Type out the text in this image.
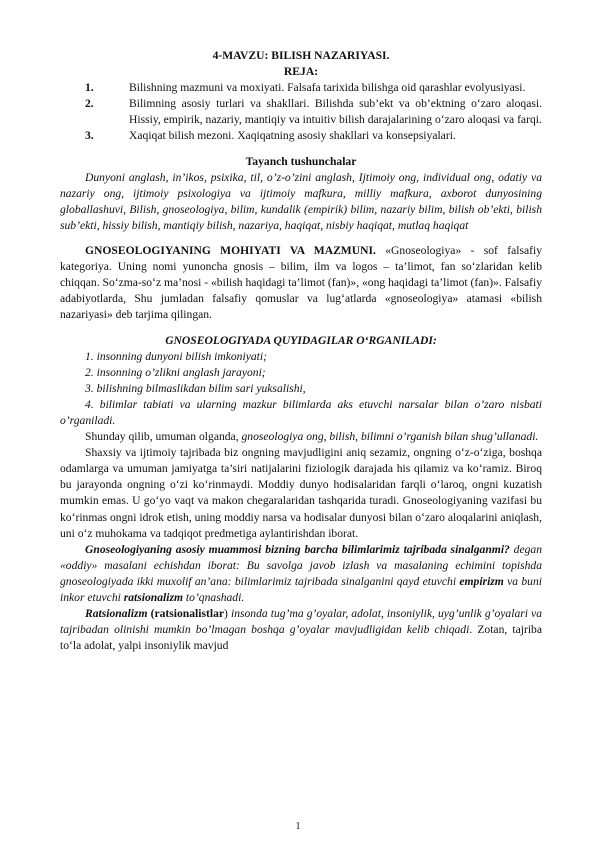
4-MAVZU: BILISH NAZARIYASI.
REJA:
1.	Bilishning mazmuni va moxiyati. Falsafa tarixida bilishga oid qarashlar evolyusiyasi.
2.	Bilimning asosiy turlari va shakllari. Bilishda sub’ekt va ob’ektning o‘zaro aloqasi. Hissiy, empirik, nazariy, mantiqiy va intuitiv bilish darajalarining o‘zaro aloqasi va farqi.
3.	Xaqiqat bilish mezoni. Xaqiqatning asosiy shakllari va konsepsiyalari.
Tayanch tushunchalar
Dunyoni anglash, in’ikos, psixika, til, o’z-o’zini anglash, Ijtimoiy ong, individual ong, odatiy va nazariy ong, ijtimoiy psixologiya va ijtimoiy mafkura, milliy mafkura, axborot dunyosining globallashuvi, Bilish, gnoseologiya, bilim, kundalik (empirik) bilim, nazariy bilim, bilish ob’ekti, bilish sub’ekti, hissiy bilish, mantiqiy bilish, nazariya, haqiqat, nisbiy haqiqat, mutlaq haqiqat
GNOSEOLOGIYANING MOHIYATI VA MAZMUNI. «Gnoseologiya» - sof falsafiy kategoriya. Uning nomi yunoncha gnosis – bilim, ilm va logos – ta’limot, fan so‘zlaridan kelib chiqqan. So‘zma-so‘z ma’nosi - «bilish haqidagi ta’limot (fan)», «ong haqidagi ta’limot (fan)». Falsafiy adabiyotlarda, Shu jumladan falsafiy qomuslar va lug‘atlarda «gnoseologiya» atamasi «bilish nazariyasi» deb tarjima qilingan.
GNOSEOLOGIYADA QUYIDAGILAR O‘RGANILADI:
1. insonning dunyoni bilish imkoniyati;
2. insonning o’zlikni anglash jarayoni;
3. bilishning bilmaslikdan bilim sari yuksalishi,
4. bilimlar tabiati va ularning mazkur bilimlarda aks etuvchi narsalar bilan o’zaro nisbati o’rganiladi.
Shunday qilib, umuman olganda, gnoseologiya ong, bilish, bilimni o’rganish bilan shug’ullanadi.
Shaxsiy va ijtimoiy tajribada biz ongning mavjudligini aniq sezamiz, ongning o‘z-o‘ziga, boshqa odamlarga va umuman jamiyatga ta’siri natijalarini fiziologik darajada his qilamiz va ko‘ramiz. Biroq bu jarayonda ongning o‘zi ko‘rinmaydi. Moddiy dunyo hodisalaridan farqli o‘laroq, ongni kuzatish mumkin emas. U go‘yo vaqt va makon chegaralaridan tashqarida turadi. Gnoseologiyaning vazifasi bu ko‘rinmas ongni idrok etish, uning moddiy narsa va hodisalar dunyosi bilan o‘zaro aloqalarini aniqlash, uni o‘z muhokama va tadqiqot predmetiga aylantirishdan iborat.
Gnoseologiyaning asosiy muammosi bizning barcha bilimlarimiz tajribada sinalganmi? degan «oddiy» masalani echishdan iborat: Bu savolga javob izlash va masalaning echimini topishda gnoseologiyada ikki muxolif an’ana: bilimlarimiz tajribada sinalganini qayd etuvchi empirizm va buni inkor etuvchi ratsionalizm to’qnashadi.
Ratsionalizm (ratsionalistlar) insonda tug’ma g’oyalar, adolat, insoniylik, uyg’unlik g’oyalari va tajribadan olinishi mumkin bo’lmagan boshqa g’oyalar mavjudligidan kelib chiqadi. Zotan, tajriba to‘la adolat, yalpi insoniylik mavjud
1
